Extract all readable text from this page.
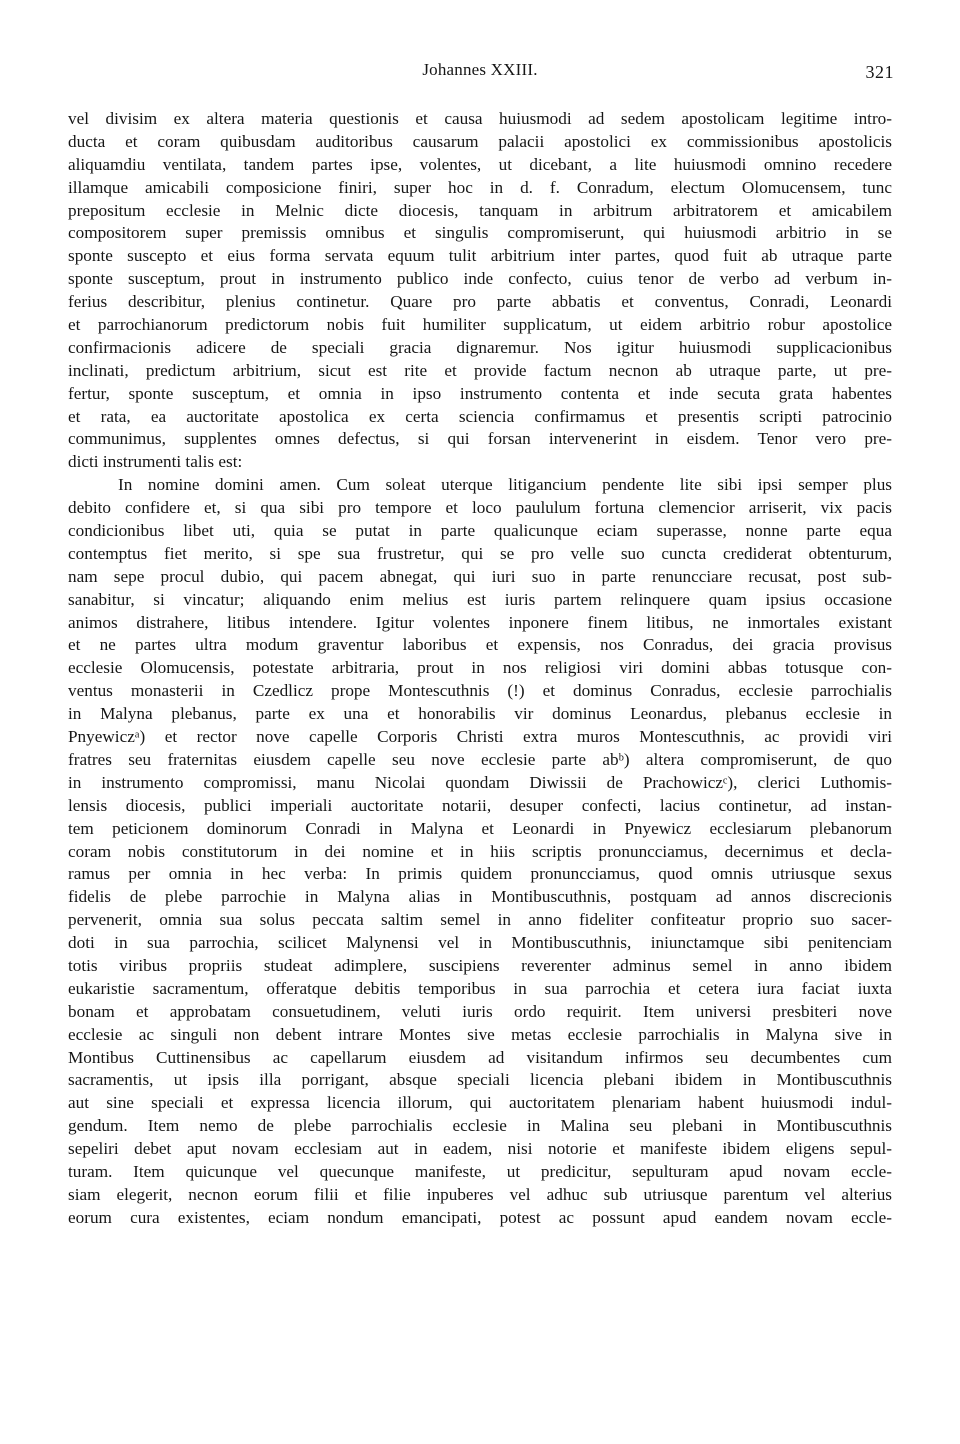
Johannes XXIII.	321
vel divisim ex altera materia questionis et causa huiusmodi ad sedem apostolicam legitime intro-
ducta et coram quibusdam auditoribus causarum palacii apostolici ex commissionibus apostolicis
aliquamdiu ventilata, tandem partes ipse, volentes, ut dicebant, a lite huiusmodi omnino recedere
illamque amicabili composicione finiri, super hoc in d. f. Conradum, electum Olomucensem, tunc
prepositum ecclesie in Melnic dicte diocesis, tanquam in arbitrum arbitratorem et amicabilem
compositorem super premissis omnibus et singulis compromiserunt, qui huiusmodi arbitrio in se
sponte suscepto et eius forma servata equum tulit arbitrium inter partes, quod fuit ab utraque parte
sponte susceptum, prout in instrumento publico inde confecto, cuius tenor de verbo ad verbum in-
ferius describitur, plenius continetur. Quare pro parte abbatis et conventus, Conradi, Leonardi
et parrochianorum predictorum nobis fuit humiliter supplicatum, ut eidem arbitrio robur apostolice
confirmacionis adicere de speciali gracia dignaremur. Nos igitur huiusmodi supplicacionibus
inclinati, predictum arbitrium, sicut est rite et provide factum necnon ab utraque parte, ut pre-
fertur, sponte susceptum, et omnia in ipso instrumento contenta et inde secuta grata habentes
et rata, ea auctoritate apostolica ex certa sciencia confirmamus et presentis scripti patrocinio
communimus, supplentes omnes defectus, si qui forsan intervenerint in eisdem. Tenor vero pre-
dicti instrumenti talis est:
In nomine domini amen. Cum soleat uterque litigancium pendente lite sibi ipsi semper plus
debito confidere et, si qua sibi pro tempore et loco paululum fortuna clemencior arriserit, vix pacis
condicionibus libet uti, quia se putat in parte qualicunque eciam superasse, nonne parte equa
contemptus fiet merito, si spe sua frustretur, qui se pro velle suo cuncta crediderat obtenturum,
nam sepe procul dubio, qui pacem abnegat, qui iuri suo in parte renuncciare recusat, post sub-
sanabitur, si vincatur; aliquando enim melius est iuris partem relinquere quam ipsius occasione
animos distrahere, litibus intendere. Igitur volentes inponere finem litibus, ne inmortales existant
et ne partes ultra modum graventur laboribus et expensis, nos Conradus, dei gracia provisus
ecclesie Olomucensis, potestate arbitraria, prout in nos religiosi viri domini abbas totusque con-
ventus monasterii in Czedlicz prope Montescuthnis (!) et dominus Conradus, ecclesie parrochialis
in Malyna plebanus, parte ex una et honorabilis vir dominus Leonardus, plebanus ecclesie in
Pnyewiczᵃ) et rector nove capelle Corporis Christi extra muros Montescuthnis, ac providi viri
fratres seu fraternitas eiusdem capelle seu nove ecclesie parte abᵇ) altera compromiserunt, de quo
in instrumento compromissi, manu Nicolai quondam Diwissii de Prachowiczᶜ), clerici Luthomis-
lensis diocesis, publici imperiali auctoritate notarii, desuper confecti, lacius continetur, ad instan-
tem peticionem dominorum Conradi in Malyna et Leonardi in Pnyewicz ecclesiarum plebanorum
coram nobis constitutorum in dei nomine et in hiis scriptis pronuncciamus, decernimus et decla-
ramus per omnia in hec verba: In primis quidem pronuncciamus, quod omnis utriusque sexus
fidelis de plebe parrochie in Malyna alias in Montibuscuthnis, postquam ad annos discrecionis
pervenerit, omnia sua solus peccata saltim semel in anno fideliter confiteatur proprio suo sacer-
doti in sua parrochia, scilicet Malynensi vel in Montibuscuthnis, iniunctamque sibi penitenciam
totis viribus propriis studeat adimplere, suscipiens reverenter adminus semel in anno ibidem
eukaristie sacramentum, offeratque debitis temporibus in sua parrochia et cetera iura faciat iuxta
bonam et approbatam consuetudinem, veluti iuris ordo requirit. Item universi presbiteri nove
ecclesie ac singuli non debent intrare Montes sive metas ecclesie parrochialis in Malyna sive in
Montibus Cuttinensibus ac capellarum eiusdem ad visitandum infirmos seu decumbentes cum
sacramentis, ut ipsis illa porrigant, absque speciali licencia plebani ibidem in Montibuscuthnis
aut sine speciali et expressa licencia illorum, qui auctoritatem plenariam habent huiusmodi indul-
gendum. Item nemo de plebe parrochialis ecclesie in Malina seu plebani in Montibuscuthnis
sepeliri debet aput novam ecclesiam aut in eadem, nisi notorie et manifeste ibidem eligens sepul-
turam. Item quicunque vel quecunque manifeste, ut predicitur, sepulturam apud novam eccle-
siam elegerit, necnon eorum filii et filie inpuberes vel adhuc sub utriusque parentum vel alterius
eorum cura existentes, eciam nondum emancipati, potest ac possunt apud eandem novam eccle-
